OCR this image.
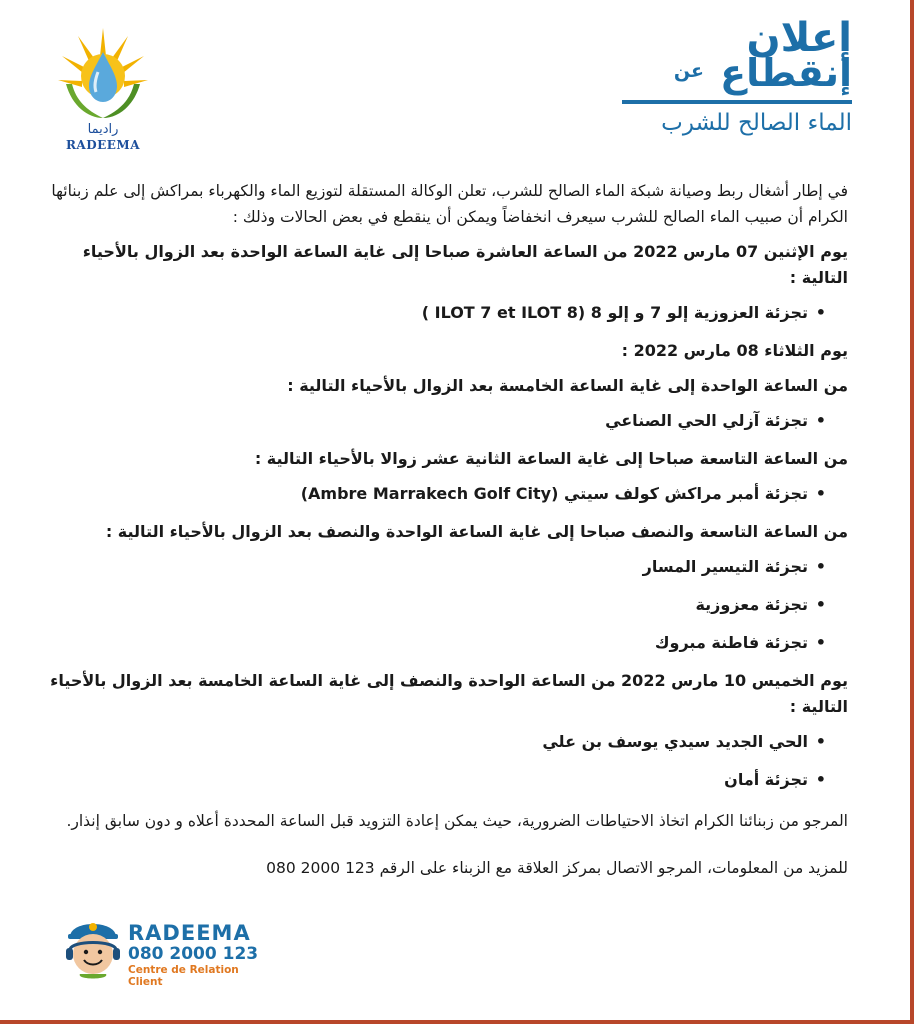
راديما
RADEEMA
إعلان
عن إنقطاع
الماء الصالح للشرب

في إطار أشغال ربط وصيانة شبكة الماء الصالح للشرب، تعلن الوكالة المستقلة لتوزيع الماء والكهرباء بمراكش إلى علم زبنائها الكرام أن صبيب الماء الصالح للشرب سيعرف انخفاضاً ويمكن أن ينقطع في بعض الحالات وذلك :

يوم الإثنين 07 مارس 2022 من الساعة العاشرة صباحا إلى غاية الساعة الواحدة بعد الزوال بالأحياء التالية :

• تجزئة العزوزية إلو 7 و إلو 8 (ILOT 7 et ILOT 8 )

يوم الثلاثاء 08 مارس 2022 :

من الساعة الواحدة إلى غاية الساعة الخامسة بعد الزوال بالأحياء التالية :

• تجزئة آزلي الحي الصناعي

من الساعة التاسعة صباحا إلى غاية الساعة الثانية عشر زوالا بالأحياء التالية :

• تجزئة أمبر مراكش كولف سيتي (Ambre Marrakech Golf City)

من الساعة التاسعة والنصف صباحا إلى غاية الساعة الواحدة والنصف بعد الزوال بالأحياء التالية :

• تجزئة التيسير المسار
• تجزئة معزوزية
• تجزئة فاطنة مبروك

يوم الخميس 10 مارس 2022 من الساعة الواحدة والنصف إلى غاية الساعة الخامسة بعد الزوال بالأحياء التالية :

• الحي الجديد سيدي يوسف بن علي
• تجزئة أمان

المرجو من زبنائنا الكرام اتخاذ الاحتياطات الضرورية، حيث يمكن إعادة التزويد قبل الساعة المحددة أعلاه و دون سابق إنذار.

للمزيد من المعلومات، المرجو الاتصال بمركز العلاقة مع الزبناء على الرقم 123 2000 080

RADEEMA
080 2000 123
Centre de Relation Client
